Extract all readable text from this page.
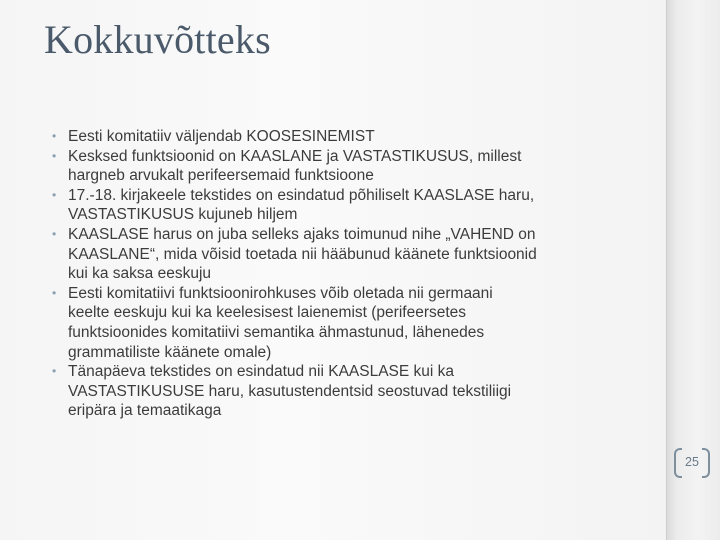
Kokkuvõtteks
• Eesti komitatiiv väljendab KOOSESINEMIST
• Kesksed funktsioonid on KAASLANE ja VASTASTIKUSUS, millest
hargneb arvukalt perifeersemaid funktsioone
• 17.-18. kirjakeele tekstides on esindatud põhiliselt KAASLASE haru,
VASTASTIKUSUS kujuneb hiljem
• KAASLASE harus on juba selleks ajaks toimunud nihe „VAHEND on
KAASLANE“, mida võisid toetada nii hääbunud käänete funktsioonid
kui ka saksa eeskuju
• Eesti komitatiivi funktsioonirohkuses võib oletada nii germaani
keelte eeskuju kui ka keelesisest laienemist (perifeersetes
funktsioonides komitatiivi semantika ähmastunud, lähenedes
grammatiliste käänete omale)
• Tänapäeva tekstides on esindatud nii KAASLASE kui ka
VASTASTIKUSUSE haru, kasutustendentsid seostuvad tekstiliigi
eripära ja temaatikaga
25
